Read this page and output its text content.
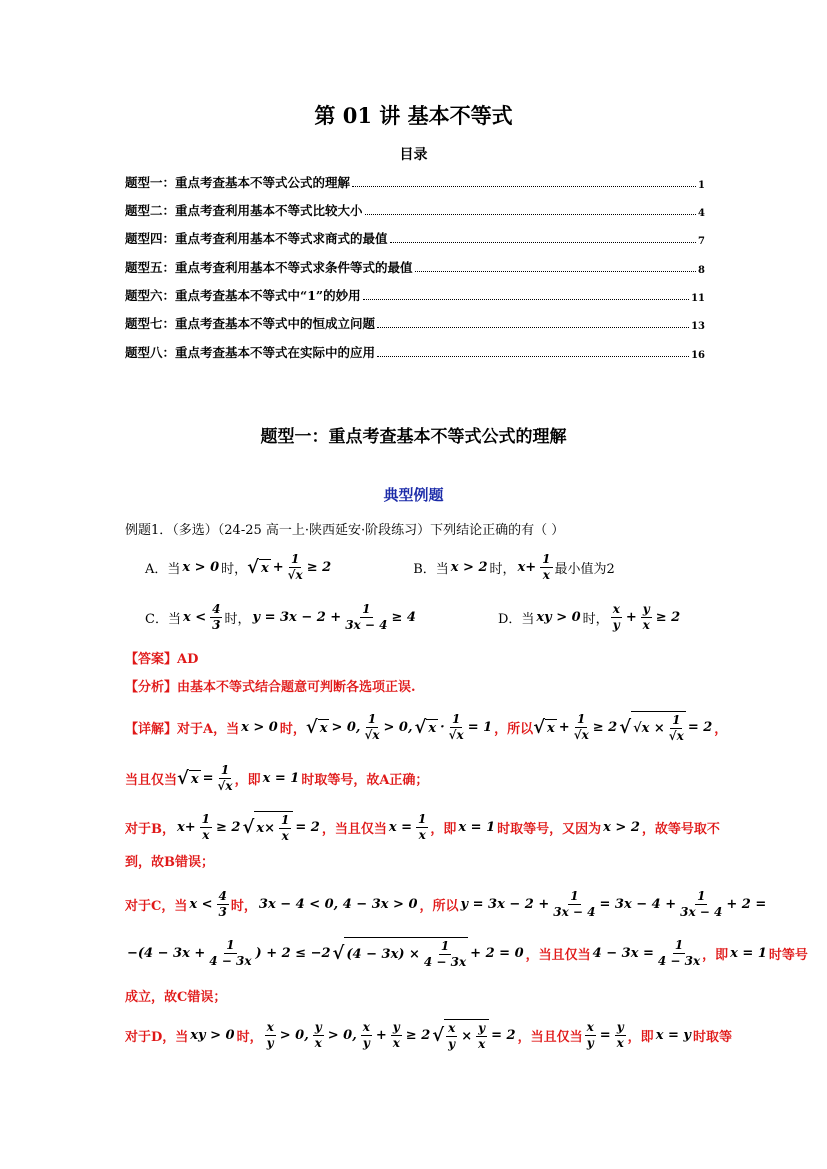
第 01 讲 基本不等式
目录
题型一：重点考查基本不等式公式的理解	1
题型二：重点考查利用基本不等式比较大小	4
题型四：重点考查利用基本不等式求商式的最值	7
题型五：重点考查利用基本不等式求条件等式的最值	8
题型六：重点考查基本不等式中“1”的妙用	11
题型七：重点考查基本不等式中的恒成立问题	13
题型八：重点考查基本不等式在实际中的应用	16
题型一：重点考查基本不等式公式的理解
典型例题
例题1．（多选）（24-25 高一上·陕西延安·阶段练习）下列结论正确的有（ ）
A．当 x > 0 时， √ $x + \frac{1}{√x} \ge 2$	B．当 x > 2 时， $x+ \frac{1}{x}$ 最小值为2
C．当 $x < \frac{4}{3}$ 时， $y = 3x - 2 + \frac{1}{3x - 4} \ge 4$	D．当 xy > 0 时， $\frac{x}{y} + \frac{y}{x} \ge 2$
【答案】AD
【分析】由基本不等式结合题意可判断各选项正误.
【详解】对于A，当 x > 0 时， √ x > 0, $\frac{1}{√x} > 0$, √ $x \cdot \frac{1}{√x} = 1$ ，所以 √ $x + \frac{1}{√x} \ge 2$ √ $√x \times \frac{1}{√x} = 2$ ，
当且仅当 √ $x = \frac{1}{√x}$ ，即 x = 1 时取等号，故A正确；
对于B， $x+ \frac{1}{x} \ge 2$ √ $x\times \frac{1}{x} = 2$ ，当且仅当 $x = \frac{1}{x}$ ，即 x = 1 时取等号，又因为 x > 2 ，故等号取不
到，故B错误；
对于C，当 $x < \frac{4}{3}$ 时， 3x − 4 < 0, 4 − 3x > 0 ，所以 $y = 3x - 2 + \frac{1}{3x - 4} = 3x - 4 + \frac{1}{3x - 4} + 2$ =
$-(4 - 3x + \frac{1}{4 - 3x}$ ) + 2 ≤ −2 √ $(4 - 3x) \times \frac{1}{4 - 3x} + 2 = 0$ ，当且仅当 $4 - 3x = \frac{1}{4 - 3x}$ ，即 x = 1 时等号
成立，故C错误；
对于D，当 xy > 0 时， $\frac{x}{y} > 0$, $\frac{y}{x} > 0$, $\frac{x}{y} + \frac{y}{x} \ge 2$ √ $\frac{x}{y} \times \frac{y}{x} = 2$ ，当且仅当 $\frac{x}{y} = \frac{y}{x}$ ，即 x = y 时取等
